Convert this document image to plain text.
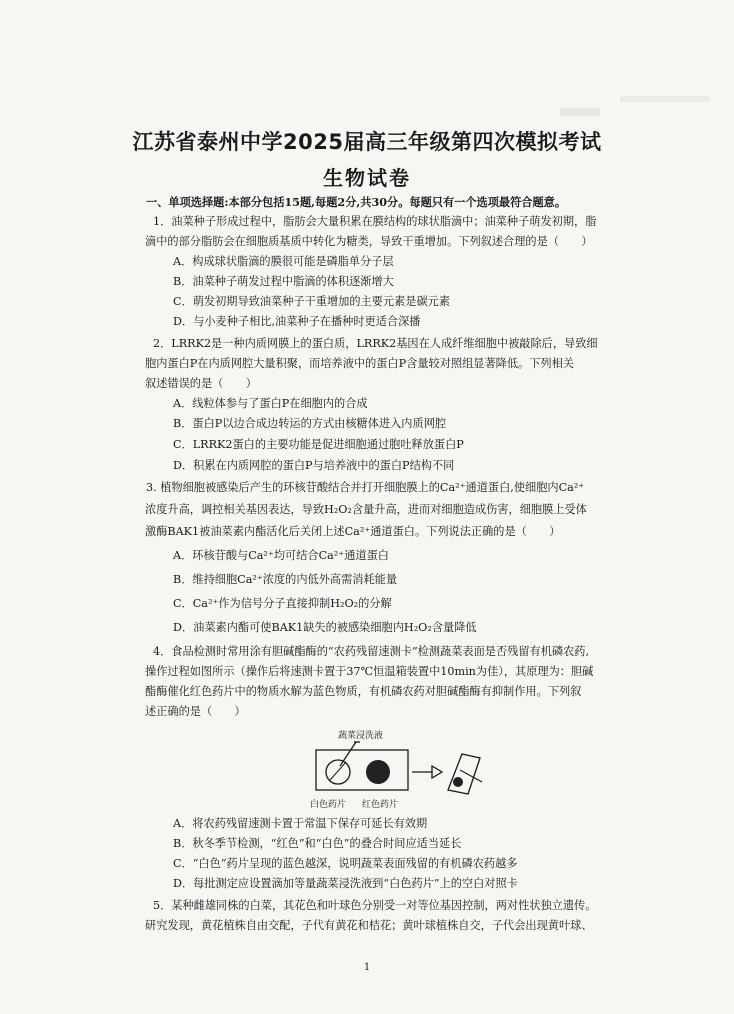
江苏省泰州中学2025届高三年级第四次模拟考试
生物试卷
一、单项选择题:本部分包括15题,每题2分,共30分。每题只有一个选项最符合题意。
1．油菜种子形成过程中，脂肪会大量积累在膜结构的球状脂滴中；油菜种子萌发初期，脂
滴中的部分脂肪会在细胞质基质中转化为糖类，导致干重增加。下列叙述合理的是（　　）
A．构成球状脂滴的膜很可能是磷脂单分子层
B．油菜种子萌发过程中脂滴的体积逐渐增大
C．萌发初期导致油菜种子干重增加的主要元素是碳元素
D．与小麦种子相比,油菜种子在播种时更适合深播
2．LRRK2是一种内质网膜上的蛋白质，LRRK2基因在人成纤维细胞中被敲除后，导致细
胞内蛋白P在内质网腔大量积聚，而培养液中的蛋白P含量较对照组显著降低。下列相关
叙述错误的是（　　）
A．线粒体参与了蛋白P在细胞内的合成
B．蛋白P以边合成边转运的方式由核糖体进入内质网腔
C．LRRK2蛋白的主要功能是促进细胞通过胞吐释放蛋白P
D．积累在内质网腔的蛋白P与培养液中的蛋白P结构不同
3. 植物细胞被感染后产生的环核苷酸结合并打开细胞膜上的Ca²⁺通道蛋白,使细胞内Ca²⁺
浓度升高，调控相关基因表达，导致H₂O₂含量升高，进而对细胞造成伤害，细胞膜上受体
激酶BAK1被油菜素内酯活化后关闭上述Ca²⁺通道蛋白。下列说法正确的是（　　）
A．环核苷酸与Ca²⁺均可结合Ca²⁺通道蛋白
B．维持细胞Ca²⁺浓度的内低外高需消耗能量
C．Ca²⁺作为信号分子直接抑制H₂O₂的分解
D．油菜素内酯可使BAK1缺失的被感染细胞内H₂O₂含量降低
4．食品检测时常用涂有胆碱酯酶的“农药残留速测卡”检测蔬菜表面是否残留有机磷农药,
操作过程如图所示（操作后将速测卡置于37℃恒温箱装置中10min为佳），其原理为：胆碱
酯酶催化红色药片中的物质水解为蓝色物质，有机磷农药对胆碱酯酶有抑制作用。下列叙
述正确的是（　　）
蔬菜浸洗液
白色药片 红色药片
A．将农药残留速测卡置于常温下保存可延长有效期
B．秋冬季节检测，“红色”和“白色”的叠合时间应适当延长
C．“白色”药片呈现的蓝色越深，说明蔬菜表面残留的有机磷农药越多
D．每批测定应设置滴加等量蔬菜浸洗液到“白色药片”上的空白对照卡
5．某种雌雄同株的白菜，其花色和叶球色分别受一对等位基因控制，两对性状独立遗传。
研究发现，黄花植株自由交配，子代有黄花和桔花；黄叶球植株自交，子代会出现黄叶球、
1
